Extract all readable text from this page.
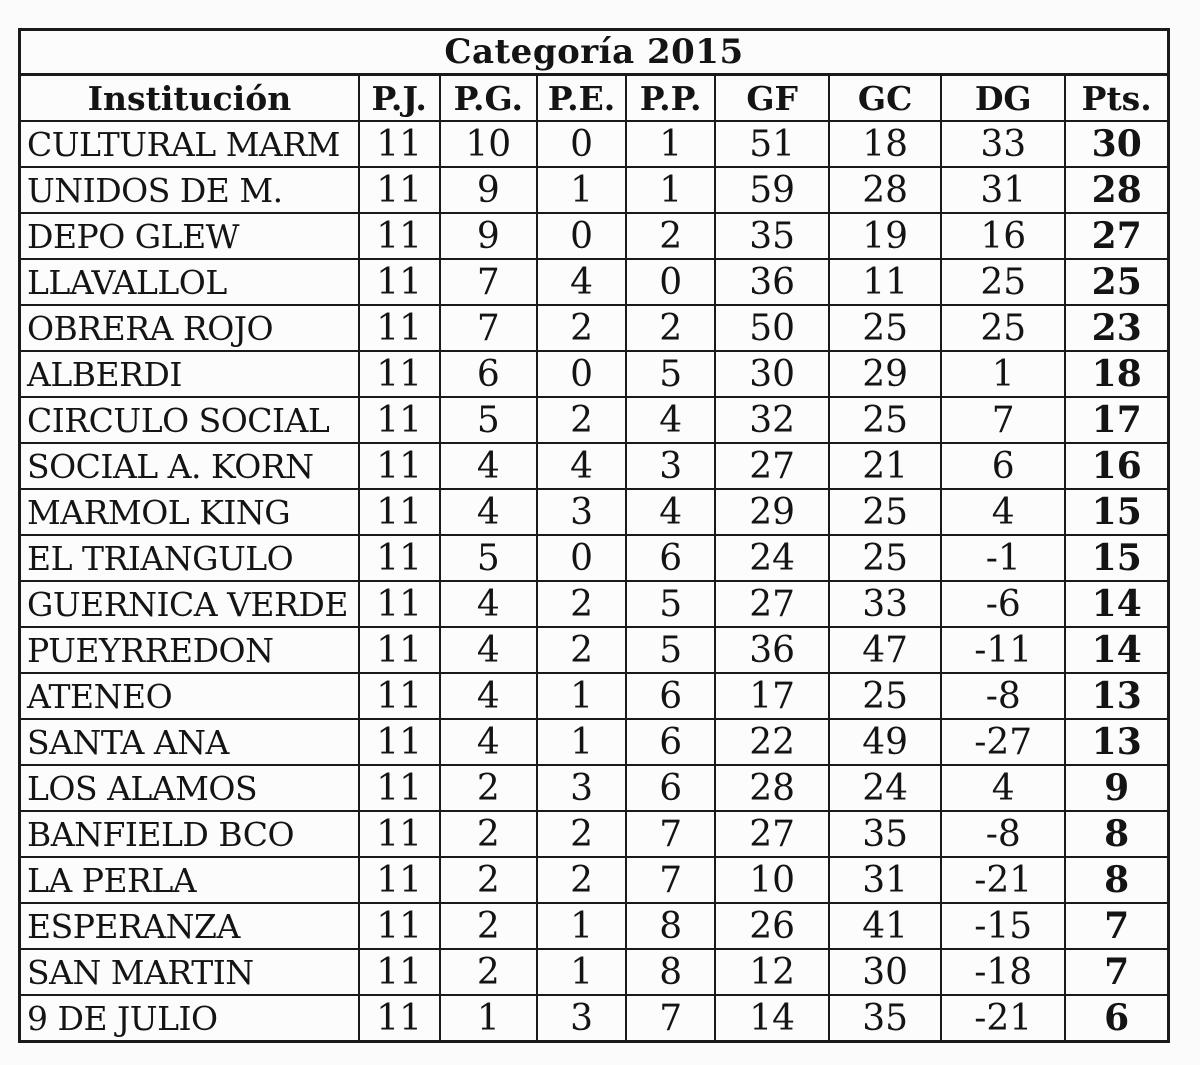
Categoría 2015
Institución	P.J.	P.G.	P.E.	P.P.	GF	GC	DG	Pts.
CULTURAL MARM	11	10	0	1	51	18	33	30
UNIDOS DE M.	11	9	1	1	59	28	31	28
DEPO GLEW	11	9	0	2	35	19	16	27
LLAVALLOL	11	7	4	0	36	11	25	25
OBRERA ROJO	11	7	2	2	50	25	25	23
ALBERDI	11	6	0	5	30	29	1	18
CIRCULO SOCIAL	11	5	2	4	32	25	7	17
SOCIAL A. KORN	11	4	4	3	27	21	6	16
MARMOL KING	11	4	3	4	29	25	4	15
EL TRIANGULO	11	5	0	6	24	25	-1	15
GUERNICA VERDE	11	4	2	5	27	33	-6	14
PUEYRREDON	11	4	2	5	36	47	-11	14
ATENEO	11	4	1	6	17	25	-8	13
SANTA ANA	11	4	1	6	22	49	-27	13
LOS ALAMOS	11	2	3	6	28	24	4	9
BANFIELD BCO	11	2	2	7	27	35	-8	8
LA PERLA	11	2	2	7	10	31	-21	8
ESPERANZA	11	2	1	8	26	41	-15	7
SAN MARTIN	11	2	1	8	12	30	-18	7
9 DE JULIO	11	1	3	7	14	35	-21	6
